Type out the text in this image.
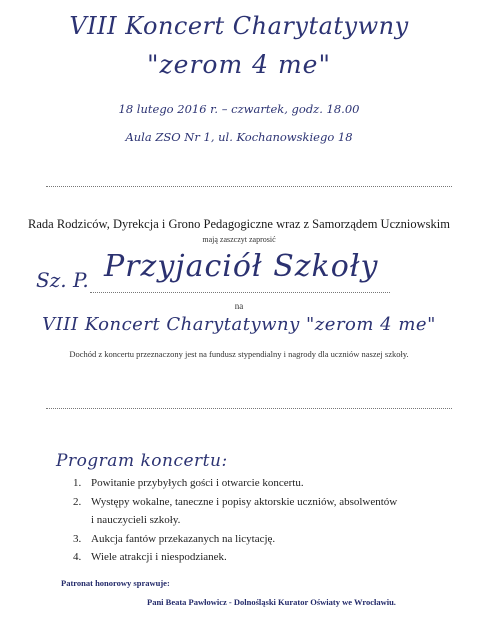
VIII Koncert Charytatywny
"zerom 4 me"
18 lutego 2016 r. – czwartek, godz. 18.00
Aula ZSO Nr 1, ul. Kochanowskiego 18
Rada Rodziców, Dyrekcja i Grono Pedagogiczne wraz z Samorządem Uczniowskim
mają zaszczyt zaprosić
Sz. P. Przyjaciół Szkoły
na
VIII Koncert Charytatywny "zerom 4 me"
Dochód z koncertu przeznaczony jest na fundusz stypendialny i nagrody dla uczniów naszej szkoły.
Program koncertu:
1. Powitanie przybyłych gości i otwarcie koncertu.
2. Występy wokalne, taneczne i popisy aktorskie uczniów, absolwentów
i nauczycieli szkoły.
3. Aukcja fantów przekazanych na licytację.
4. Wiele atrakcji i niespodzianek.
Patronat honorowy sprawuje:
Pani Beata Pawłowicz - Dolnośląski Kurator Oświaty we Wrocławiu.
